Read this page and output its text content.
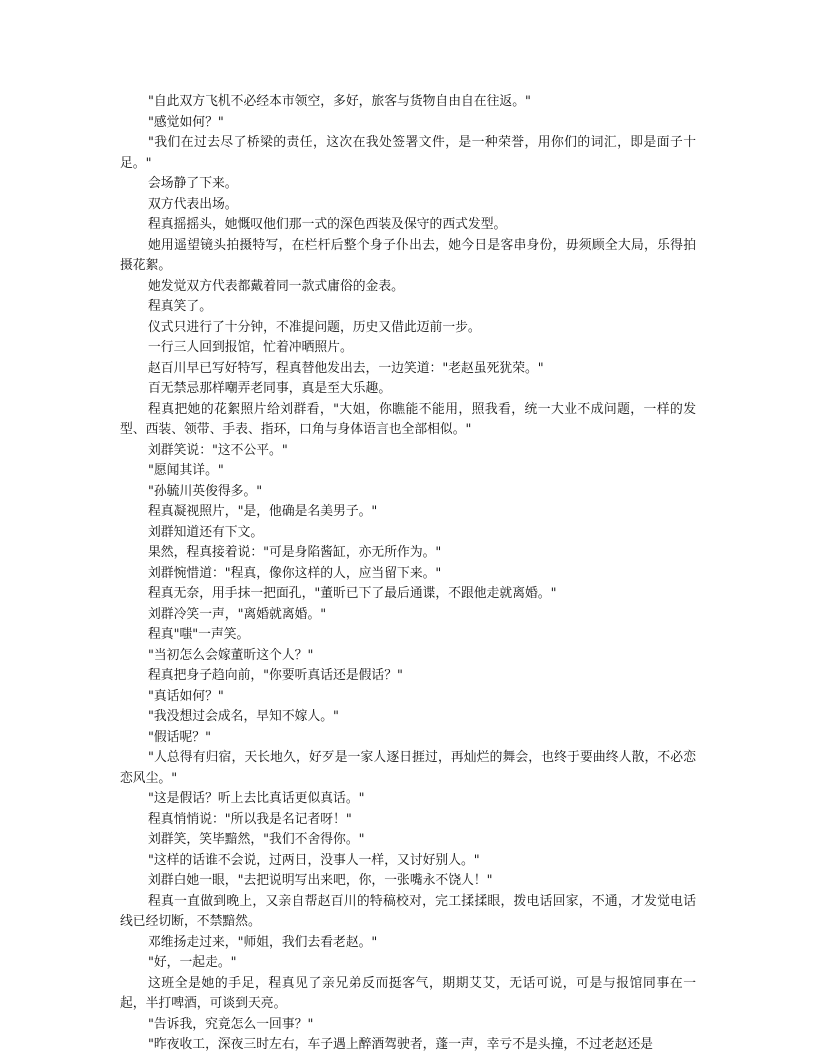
"自此双方飞机不必经本市领空，多好，旅客与货物自由自在往返。"

"感觉如何？"

"我们在过去尽了桥梁的责任，这次在我处签署文件，是一种荣誉，用你们的词汇，即是面子十足。"

会场静了下来。

双方代表出场。

程真摇摇头，她慨叹他们那一式的深色西装及保守的西式发型。

她用遥望镜头拍摄特写，在栏杆后整个身子仆出去，她今日是客串身份，毋须顾全大局，乐得拍摄花絮。

她发觉双方代表都戴着同一款式庸俗的金表。

程真笑了。

仪式只进行了十分钟，不准提问题，历史又借此迈前一步。

一行三人回到报馆，忙着冲晒照片。

赵百川早已写好特写，程真替他发出去，一边笑道："老赵虽死犹荣。"

百无禁忌那样嘲弄老同事，真是至大乐趣。

程真把她的花絮照片给刘群看，"大姐，你瞧能不能用，照我看，统一大业不成问题，一样的发型、西装、领带、手表、指环，口角与身体语言也全部相似。"

刘群笑说："这不公平。"

"愿闻其详。"

"孙毓川英俊得多。"

程真凝视照片，"是，他确是名美男子。"

刘群知道还有下文。

果然，程真接着说："可是身陷酱缸，亦无所作为。"

刘群惋惜道："程真，像你这样的人，应当留下来。"

程真无奈，用手抹一把面孔，"董昕已下了最后通谍，不跟他走就离婚。"

刘群冷笑一声，"离婚就离婚。"

程真"嗤"一声笑。

"当初怎么会嫁董昕这个人？"

程真把身子趋向前，"你要听真话还是假话？"

"真话如何？"

"我没想过会成名，早知不嫁人。"

"假话呢？"

"人总得有归宿，天长地久，好歹是一家人逐日捱过，再灿烂的舞会，也终于要曲终人散，不必恋恋风尘。"

"这是假话？听上去比真话更似真话。"

程真悄悄说："所以我是名记者呀！"

刘群笑，笑毕黯然，"我们不舍得你。"

"这样的话谁不会说，过两日，没事人一样，又讨好别人。"

刘群白她一眼，"去把说明写出来吧，你，一张嘴永不饶人！"

程真一直做到晚上，又亲自帮赵百川的特稿校对，完工揉揉眼，拨电话回家，不通，才发觉电话线已经切断，不禁黯然。

邓维扬走过来，"师姐，我们去看老赵。"

"好，一起走。"

这班全是她的手足，程真见了亲兄弟反而挺客气，期期艾艾，无话可说，可是与报馆同事在一起，半打啤酒，可谈到天亮。

"告诉我，究竟怎么一回事？"

"昨夜收工，深夜三时左右，车子遇上醉酒驾驶者，蓬一声，幸亏不是头撞，不过老赵还是
